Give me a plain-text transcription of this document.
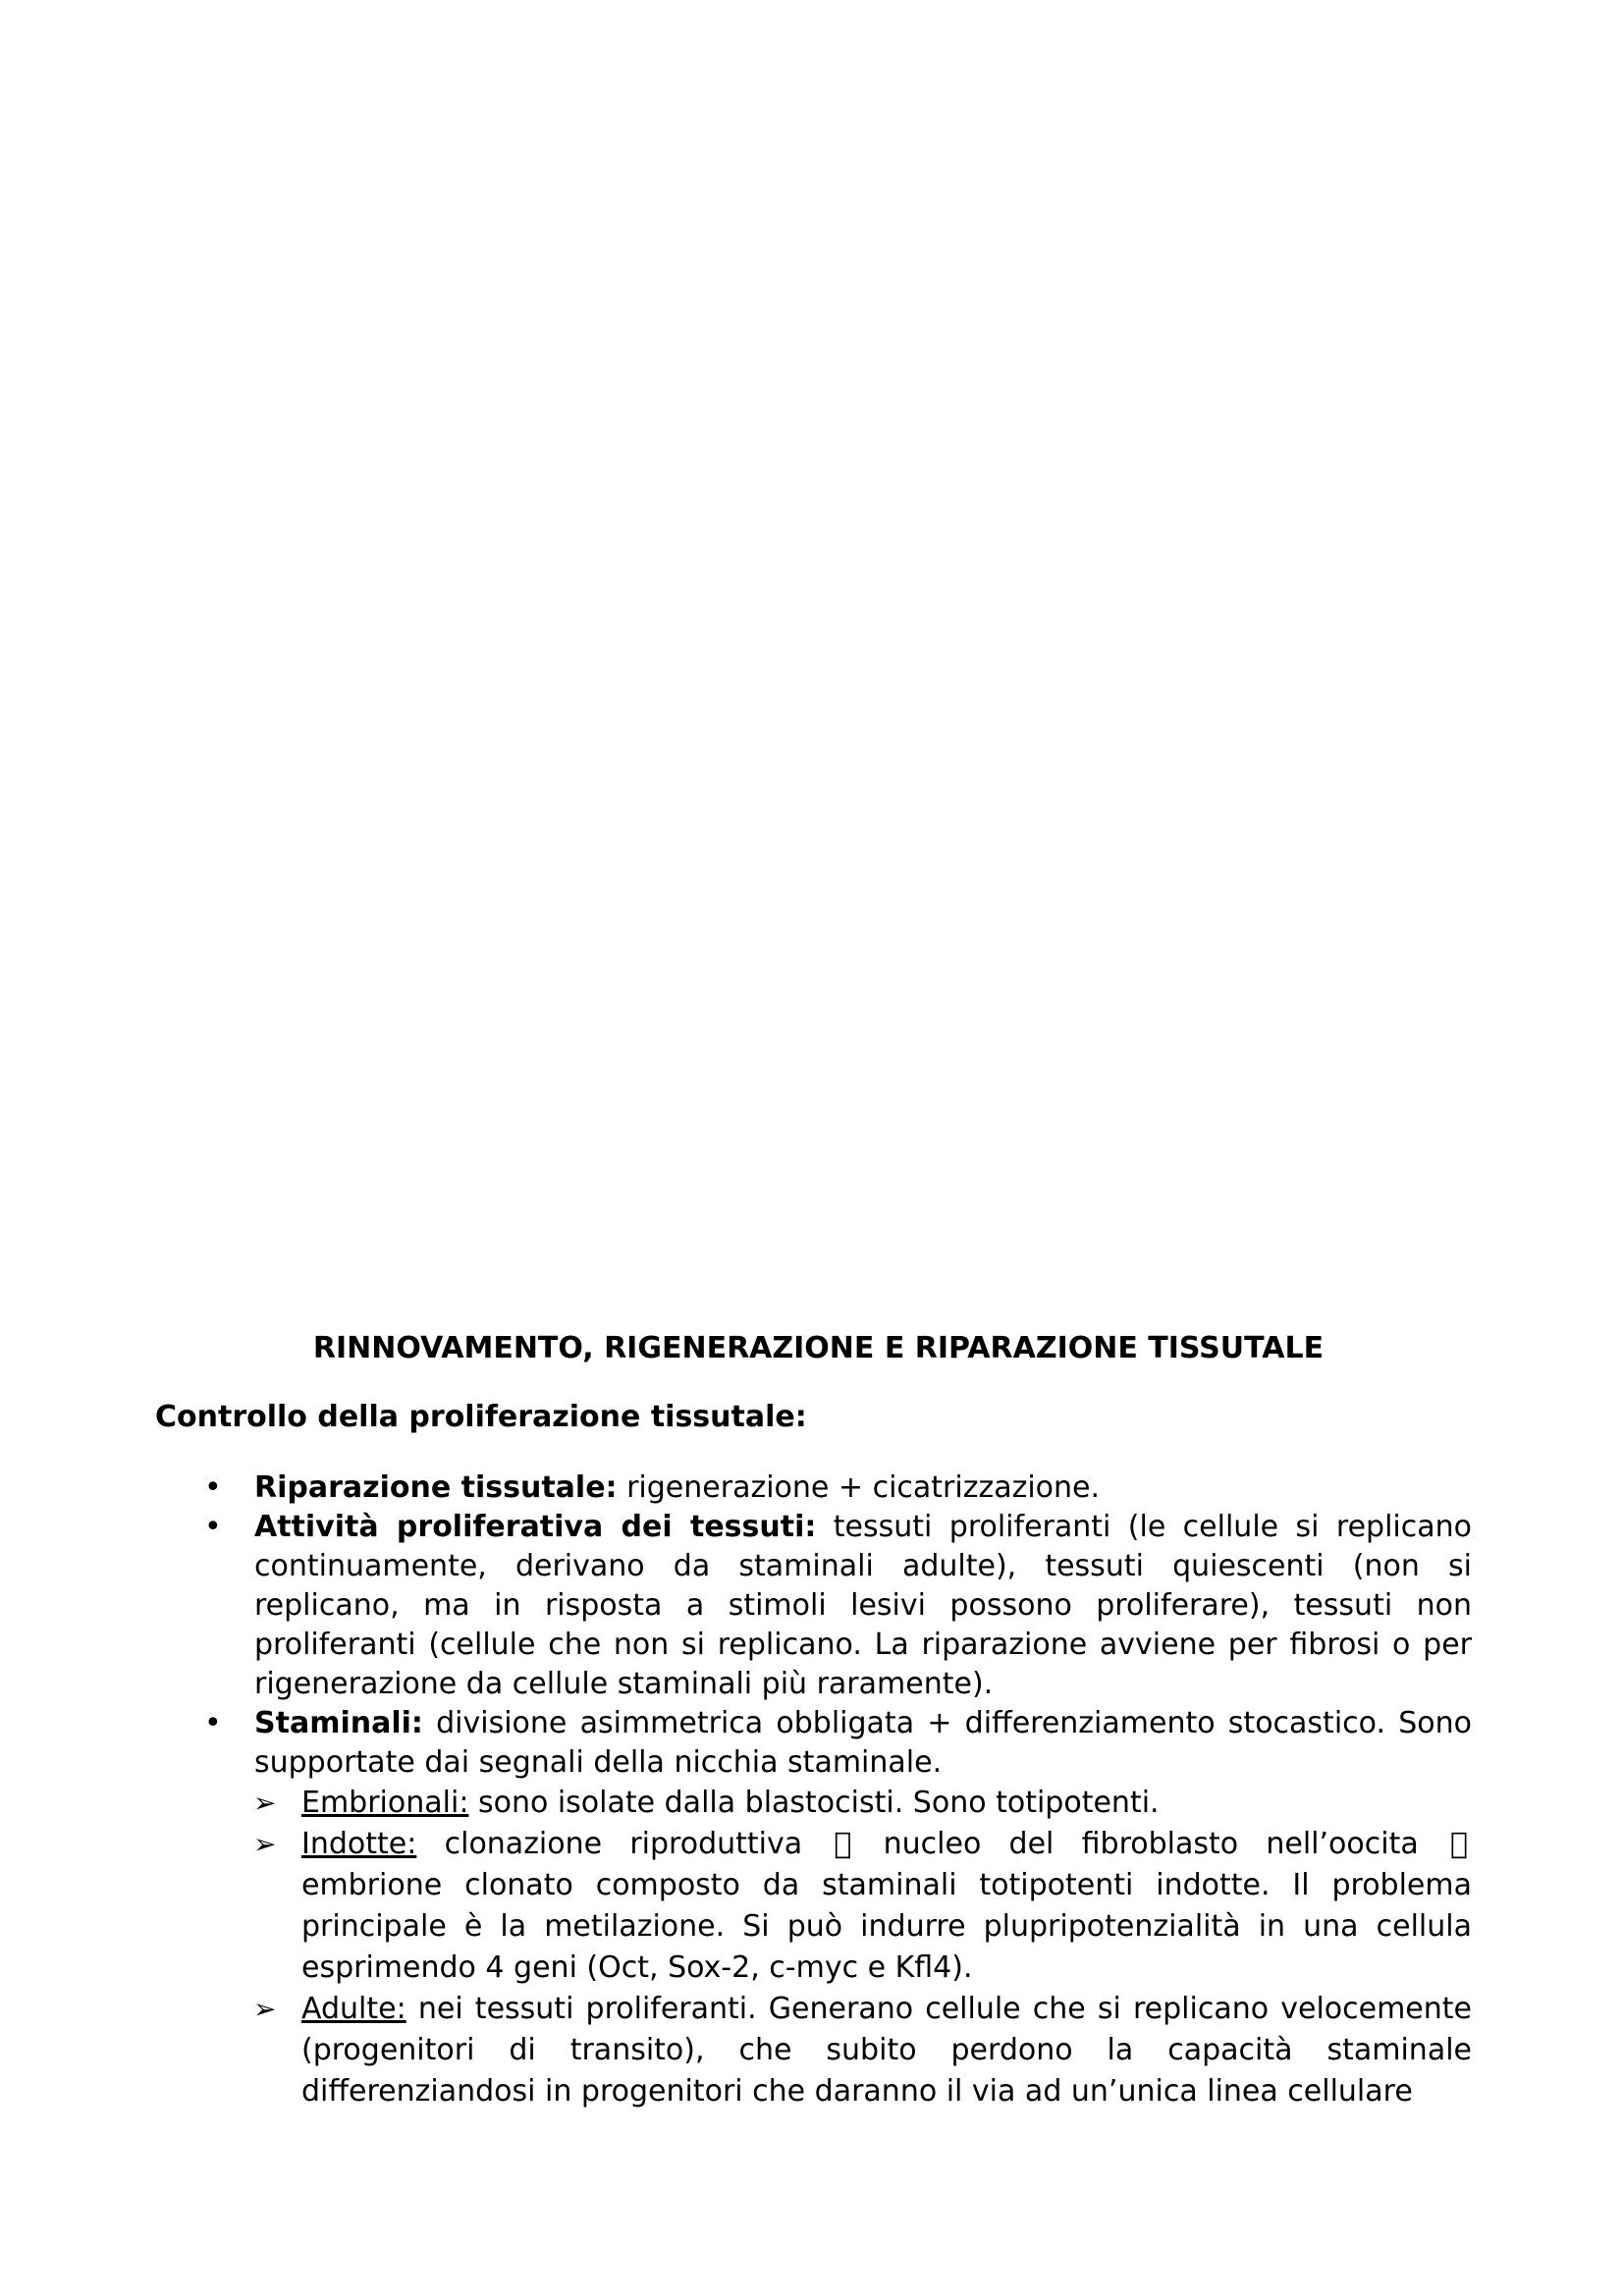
RINNOVAMENTO, RIGENERAZIONE E RIPARAZIONE TISSUTALE
Controllo della proliferazione tissutale:
• Riparazione tissutale: rigenerazione + cicatrizzazione.
• Attività proliferativa dei tessuti: tessuti proliferanti (le cellule si replicano continuamente, derivano da staminali adulte), tessuti quiescenti (non si replicano, ma in risposta a stimoli lesivi possono proliferare), tessuti non proliferanti (cellule che non si replicano. La riparazione avviene per fibrosi o per rigenerazione da cellule staminali più raramente).
• Staminali: divisione asimmetrica obbligata + differenziamento stocastico. Sono supportate dai segnali della nicchia staminale.
➢ Embrionali: sono isolate dalla blastocisti. Sono totipotenti.
➢ Indotte: clonazione riproduttiva  nucleo del fibroblasto nell’oocita  embrione clonato composto da staminali totipotenti indotte. Il problema principale è la metilazione. Si può indurre plupripotenzialità in una cellula esprimendo 4 geni (Oct, Sox-2, c-myc e Kfl4).
➢ Adulte: nei tessuti proliferanti. Generano cellule che si replicano velocemente (progenitori di transito), che subito perdono la capacità staminale differenziandosi in progenitori che daranno il via ad un’unica linea cellulare
